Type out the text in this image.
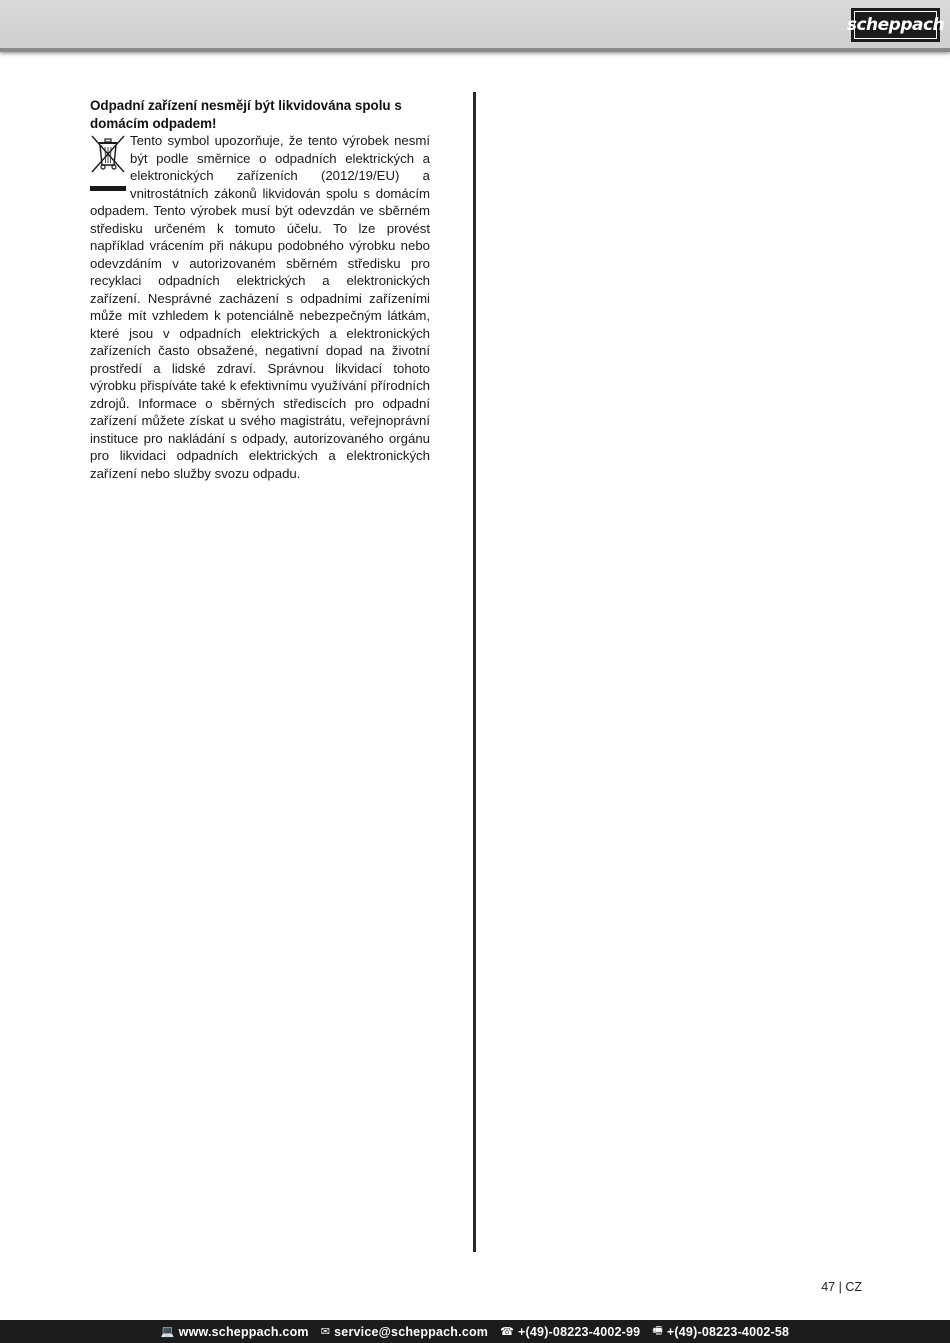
scheppach

Odpadní zařízení nesmějí být likvidována spolu s domácím odpadem!

Tento symbol upozorňuje, že tento výrobek nesmí být podle směrnice o odpadních elektrických a elektronických zařízeních (2012/19/EU) a vnitrostátních zákonů likvidován spolu s domácím odpadem. Tento výrobek musí být odevzdán ve sběrném středisku určeném k tomuto účelu. To lze provést například vrácením při nákupu podobného výrobku nebo odevzdáním v autorizovaném sběrném středisku pro recyklaci odpadních elektrických a elektronických zařízení. Nesprávné zacházení s odpadními zařízeními může mít vzhledem k potenciálně nebezpečným látkám, které jsou v odpadních elektrických a elektronických zařízeních často obsažené, negativní dopad na životní prostředí a lidské zdraví. Správnou likvidací tohoto výrobku přispíváte také k efektivnímu využívání přírodních zdrojů. Informace o sběrných střediscích pro odpadní zařízení můžete získat u svého magistrátu, veřejnoprávní instituce pro nakládání s odpady, autorizovaného orgánu pro likvidaci odpadních elektrických a elektronických zařízení nebo služby svozu odpadu.

47 | CZ
💻 www.scheppach.com ✉ service@scheppach.com ☎ +(49)-08223-4002-99 🖷 +(49)-08223-4002-58
